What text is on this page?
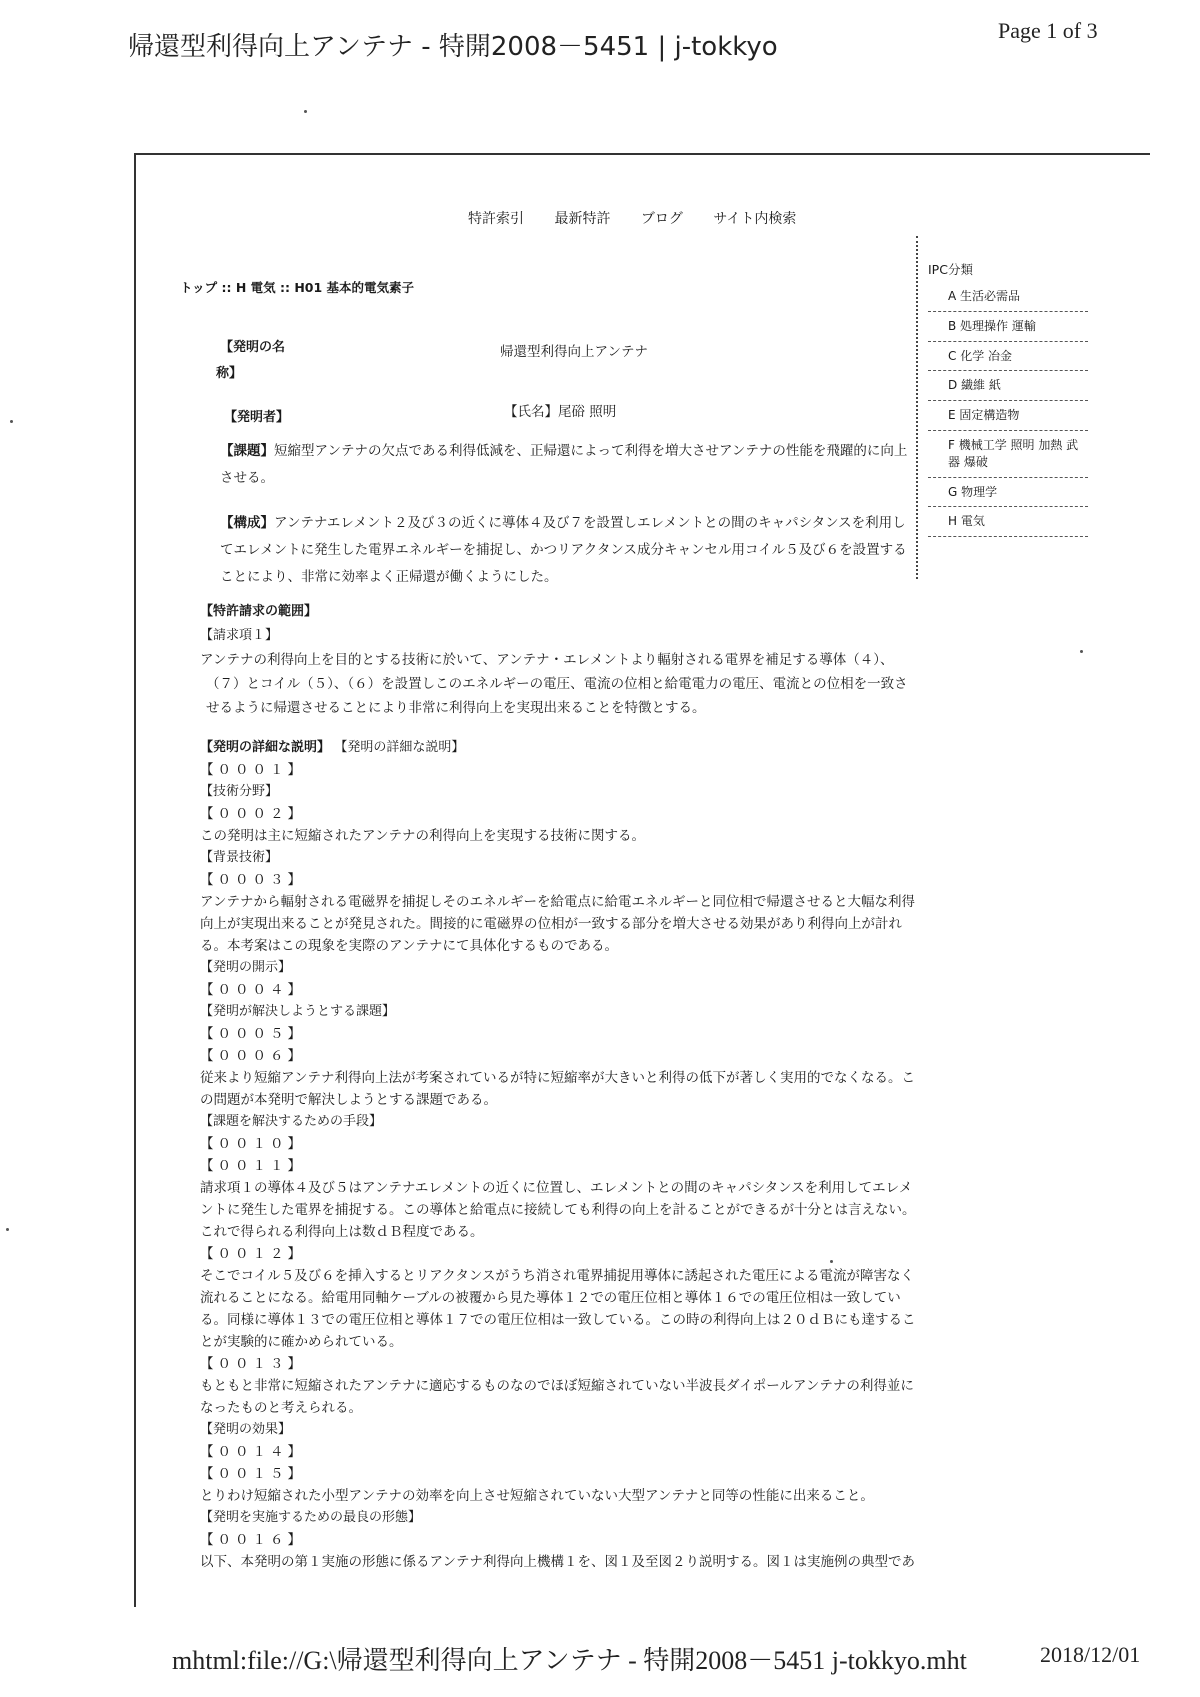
帰還型利得向上アンテナ - 特開2008－5451 | j-tokkyo
Page 1 of 3
mhtml:file://G:\帰還型利得向上アンテナ - 特開2008－5451 j-tokkyo.mht	2018/12/01
特許索引 最新特許 ブログ サイト内検索
トップ :: H 電気 :: H01 基本的電気素子
IPC分類
A 生活必需品
B 処理操作 運輸
C 化学 冶金
D 繊維 紙
E 固定構造物
F 機械工学 照明 加熱 武器 爆破
G 物理学
H 電気
【発明の名
称】
帰還型利得向上アンテナ
【発明者】	【氏名】尾硲 照明
【課題】短縮型アンテナの欠点である利得低減を、正帰還によって利得を増大させアンテナの性能を飛躍的に向上
させる。
【構成】アンテナエレメント２及び３の近くに導体４及び７を設置しエレメントとの間のキャパシタンスを利用し
てエレメントに発生した電界エネルギーを捕捉し、かつリアクタンス成分キャンセル用コイル５及び６を設置する
ことにより、非常に効率よく正帰還が働くようにした。
【特許請求の範囲】
【請求項１】
アンテナの利得向上を目的とする技術に於いて、アンテナ・エレメントより輻射される電界を補足する導体（４）、
（７）とコイル（５）、（６）を設置しこのエネルギーの電圧、電流の位相と給電電力の電圧、電流との位相を一致さ
せるように帰還させることにより非常に利得向上を実現出来ることを特徴とする。
【発明の詳細な説明】 【発明の詳細な説明】
【０００１】
【技術分野】
【０００２】
この発明は主に短縮されたアンテナの利得向上を実現する技術に関する。
【背景技術】
【０００３】
アンテナから輻射される電磁界を捕捉しそのエネルギーを給電点に給電エネルギーと同位相で帰還させると大幅な利得
向上が実現出来ることが発見された。間接的に電磁界の位相が一致する部分を増大させる効果があり利得向上が計れ
る。本考案はこの現象を実際のアンテナにて具体化するものである。
【発明の開示】
【０００４】
【発明が解決しようとする課題】
【０００５】
【０００６】
従来より短縮アンテナ利得向上法が考案されているが特に短縮率が大きいと利得の低下が著しく実用的でなくなる。こ
の問題が本発明で解決しようとする課題である。
【課題を解決するための手段】
【００１０】
【００１１】
請求項１の導体４及び５はアンテナエレメントの近くに位置し、エレメントとの間のキャパシタンスを利用してエレメ
ントに発生した電界を捕捉する。この導体と給電点に接続しても利得の向上を計ることができるが十分とは言えない。
これで得られる利得向上は数ｄＢ程度である。
【００１２】
そこでコイル５及び６を挿入するとリアクタンスがうち消され電界捕捉用導体に誘起された電圧による電流が障害なく
流れることになる。給電用同軸ケーブルの被覆から見た導体１２での電圧位相と導体１６での電圧位相は一致してい
る。同様に導体１３での電圧位相と導体１７での電圧位相は一致している。この時の利得向上は２０ｄＢにも達するこ
とが実験的に確かめられている。
【００１３】
もともと非常に短縮されたアンテナに適応するものなのでほぼ短縮されていない半波長ダイポールアンテナの利得並に
なったものと考えられる。
【発明の効果】
【００１４】
【００１５】
とりわけ短縮された小型アンテナの効率を向上させ短縮されていない大型アンテナと同等の性能に出来ること。
【発明を実施するための最良の形態】
【００１６】
以下、本発明の第１実施の形態に係るアンテナ利得向上機構１を、図１及至図２り説明する。図１は実施例の典型であ
